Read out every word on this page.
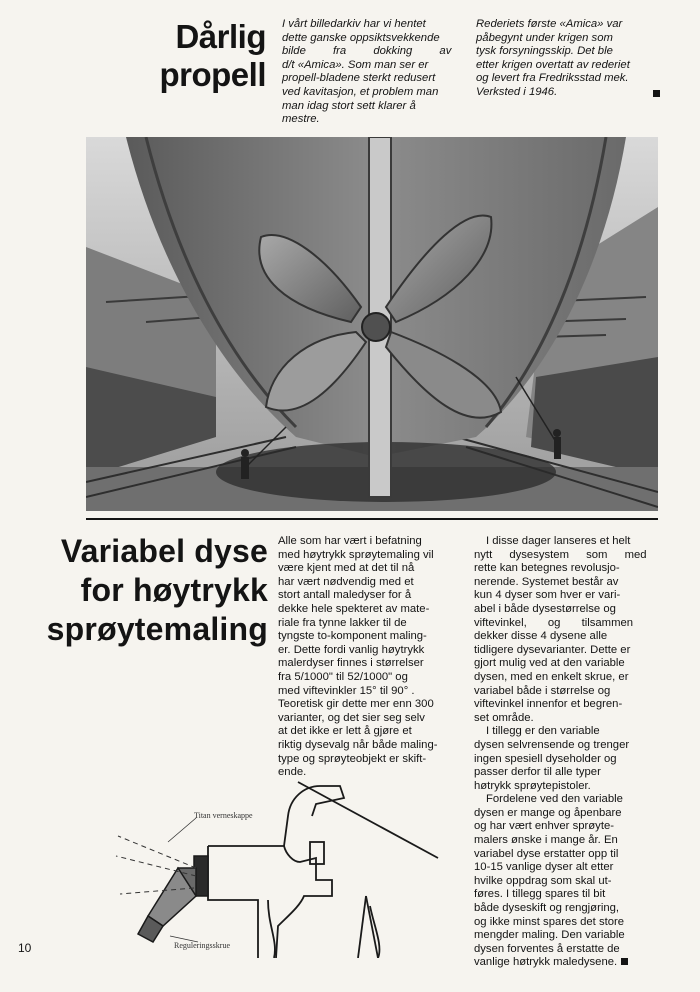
Dårlig
propell
I vårt billedarkiv har vi hentet
dette ganske oppsiktsvekkende
bilde fra dokking av
d/t «Amica». Som man ser er
propell-bladene sterkt redusert
ved kavitasjon, et problem man
man idag stort sett klarer å
mestre.
Rederiets første «Amica» var
påbegynt under krigen som
tysk forsyningsskip. Det ble
etter krigen overtatt av rederiet
og levert fra Fredriksstad mek.
Verksted i 1946.
Variabel dyse
for høytrykk
sprøytemaling
Alle som har vært i befatning
med høytrykk sprøytemaling vil
være kjent med at det til nå
har vært nødvendig med et
stort antall maledyser for å
dekke hele spekteret av mate-
riale fra tynne lakker til de
tyngste to-komponent maling-
er. Dette fordi vanlig høytrykk
malerdyser finnes i størrelser
fra 5/1000" til 52/1000" og
med viftevinkler 15° til 90° .
Teoretisk gir dette mer enn 300
varianter, og det sier seg selv
at det ikke er lett å gjøre et
riktig dysevalg når både maling-
type og sprøyteobjekt er skift-
ende.
I disse dager lanseres et helt
nytt dysesystem som med
rette kan betegnes revolusjo-
nerende. Systemet består av
kun 4 dyser som hver er vari-
abel i både dysestørrelse og
viftevinkel, og tilsammen
dekker disse 4 dysene alle
tidligere dysevarianter. Dette er
gjort mulig ved at den variable
dysen, med en enkelt skrue, er
variabel både i størrelse og
viftevinkel innenfor et begren-
set område.
I tillegg er den variable
dysen selvrensende og trenger
ingen spesiell dyseholder og
passer derfor til alle typer
høtrykk sprøytepistoler.
Fordelene ved den variable
dysen er mange og åpenbare
og har vært enhver sprøyte-
malers ønske i mange år. En
variabel dyse erstatter opp til
10-15 vanlige dyser alt etter
hvilke oppdrag som skal ut-
føres. I tillegg spares til bit
både dyseskift og rengjøring,
og ikke minst spares det store
mengder maling. Den variable
dysen forventes å erstatte de
vanlige høtrykk maledysene.
Titan verneskappe
Reguleringsskrue
10
